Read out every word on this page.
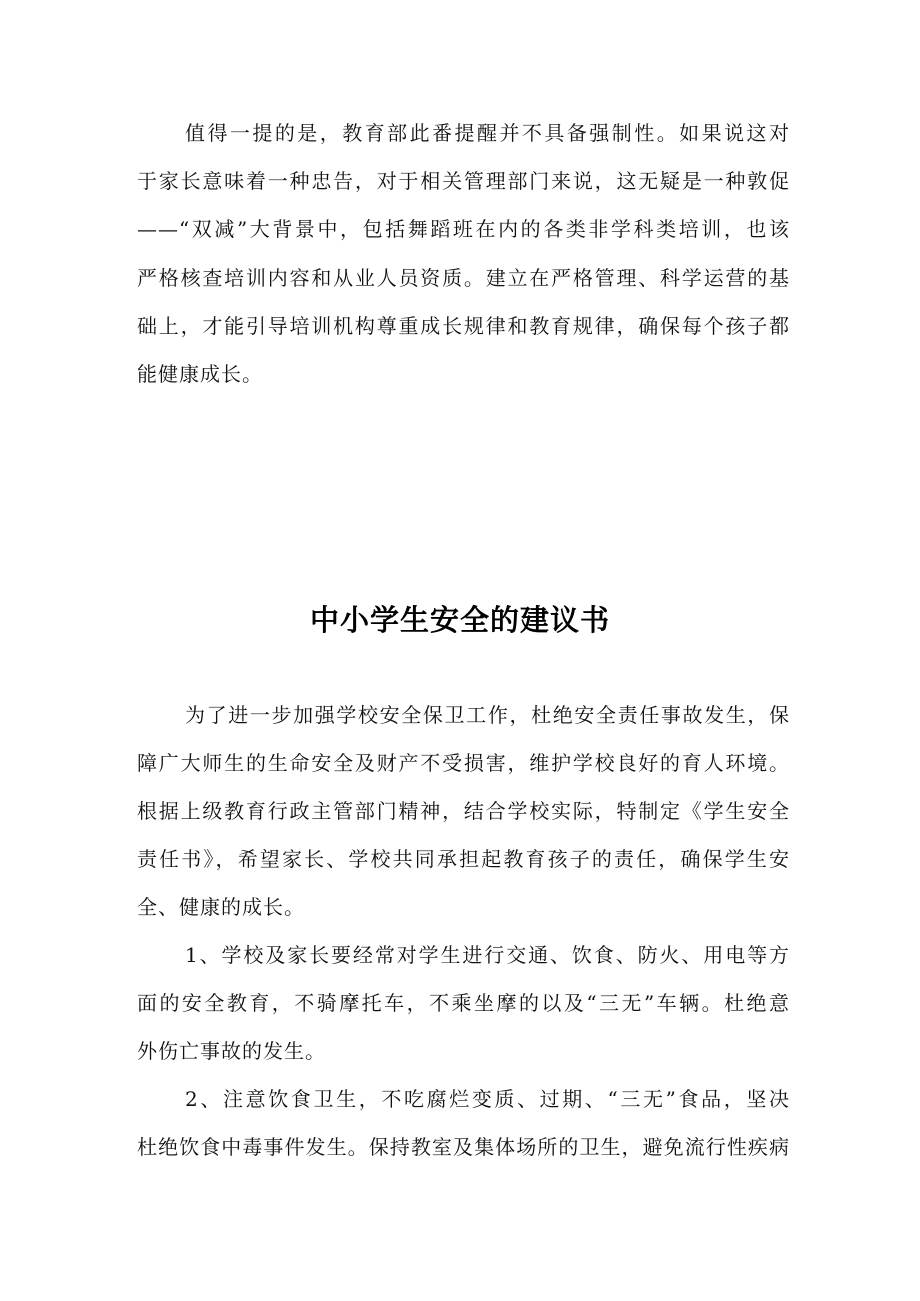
值得一提的是，教育部此番提醒并不具备强制性。如果说这对
于家长意味着一种忠告，对于相关管理部门来说，这无疑是一种敦促
——“双减”大背景中，包括舞蹈班在内的各类非学科类培训，也该
严格核查培训内容和从业人员资质。建立在严格管理、科学运营的基
础上，才能引导培训机构尊重成长规律和教育规律，确保每个孩子都
能健康成长。
中小学生安全的建议书
为了进一步加强学校安全保卫工作，杜绝安全责任事故发生，保
障广大师生的生命安全及财产不受损害，维护学校良好的育人环境。
根据上级教育行政主管部门精神，结合学校实际，特制定《学生安全
责任书》，希望家长、学校共同承担起教育孩子的责任，确保学生安
全、健康的成长。
1、学校及家长要经常对学生进行交通、饮食、防火、用电等方
面的安全教育，不骑摩托车，不乘坐摩的以及“三无”车辆。杜绝意
外伤亡事故的发生。
2、注意饮食卫生，不吃腐烂变质、过期、“三无”食品，坚决
杜绝饮食中毒事件发生。保持教室及集体场所的卫生，避免流行性疾病
